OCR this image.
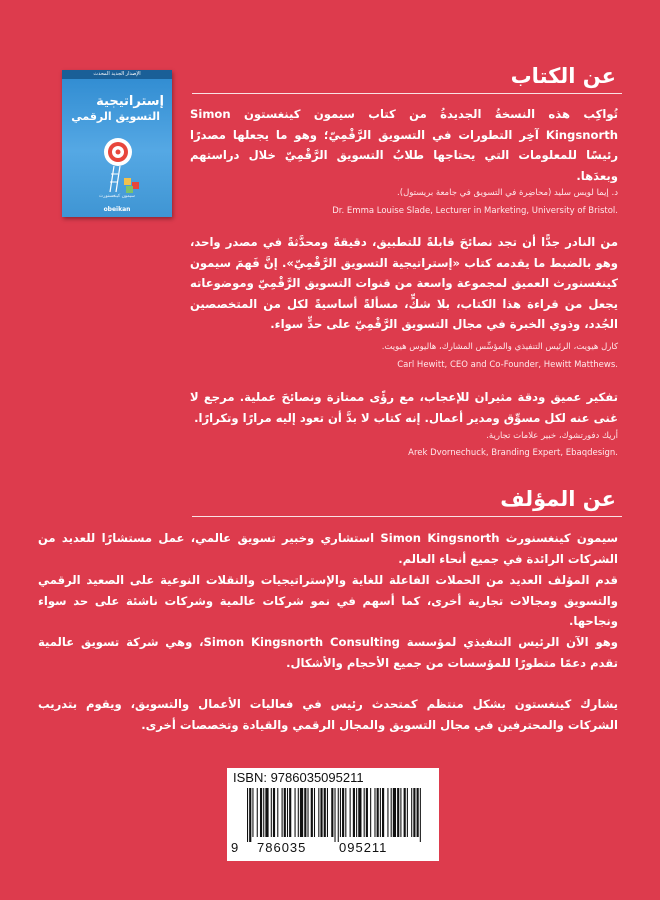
الإصدار الجديد المحدث
إستراتيجية
التسويق الرقمي
سيمون كينغسنورث
obeikan
عن الكتاب
تُواكِب هذه النسخةُ الجديدةُ من كتاب سيمون كينغستون Simon Kingsnorth آخِر التطورات في التسويق الرَّقْمِيّ؛ وهو ما يجعلها مصدرًا رئيسًا للمعلومات التي يحتاجها طلابُ التسويق الرَّقْمِيّ خلال دراستهم وبعدَها.
د. إيما لويس سليد (محاضِرة في التسويق في جامعة بريستول).
Dr. Emma Louise Slade, Lecturer in Marketing, University of Bristol.
من النادر جدًّا أن تجد نصائحَ قابلةً للتطبيق، دقيقةً ومحدَّثةً في مصدر واحد، وهو بالضبط ما يقدمه كتاب «إستراتيجية التسويق الرَّقْمِيّ». إنَّ فَهمَ سيمون كينغسنورث العميق لمجموعة واسعة من قنوات التسويق الرَّقْمِيّ وموضوعاته يجعل من قراءة هذا الكتاب، بلا شكٍّ، مسألةً أساسيةً لكل من المتخصصين الجُدد، وذوي الخبرة في مجال التسويق الرَّقْمِيّ على حدٍّ سواء.
كارل هيويت، الرئيس التنفيذي والمؤسِّس المشارك، هاليوس هيويت.
Carl Hewitt, CEO and Co-Founder, Hewitt Matthews.
تفكير عميق ودقة مثيران للإعجاب، مع رؤًى ممتازة ونصائحَ عملية. مرجع لا غنى عنه لكل مسوِّق ومدير أعمال. إنه كتاب لا بدَّ أن تعود إليه مرارًا وتكرارًا.
أريك دفورتشوك، خبير علامات تجارية.
Arek Dvornechuck, Branding Expert, Ebaqdesign.
عن المؤلف
سيمون كينغسنورث Simon Kingsnorth استشاري وخبير تسويق عالمي، عمل مستشارًا للعديد من الشركات الرائدة في جميع أنحاء العالم.
قدم المؤلف العديد من الحملات الفاعلة للغاية والإستراتيجيات والنقلات النوعية على الصعيد الرقمي والتسويق ومجالات تجارية أخرى، كما أسهم في نمو شركات عالمية وشركات ناشئة على حد سواء ونجاحها.
وهو الآن الرئيس التنفيذي لمؤسسة Simon Kingsnorth Consulting، وهي شركة تسويق عالمية تقدم دعمًا متطورًا للمؤسسات من جميع الأحجام والأشكال.
يشارك كينغستون بشكل منتظم كمتحدث رئيس في فعاليات الأعمال والتسويق، ويقوم بتدريب الشركات والمحترفين في مجال التسويق والمجال الرقمي والقيادة وتخصصات أخرى.
ISBN: 9786035095211
9 786035	095211
